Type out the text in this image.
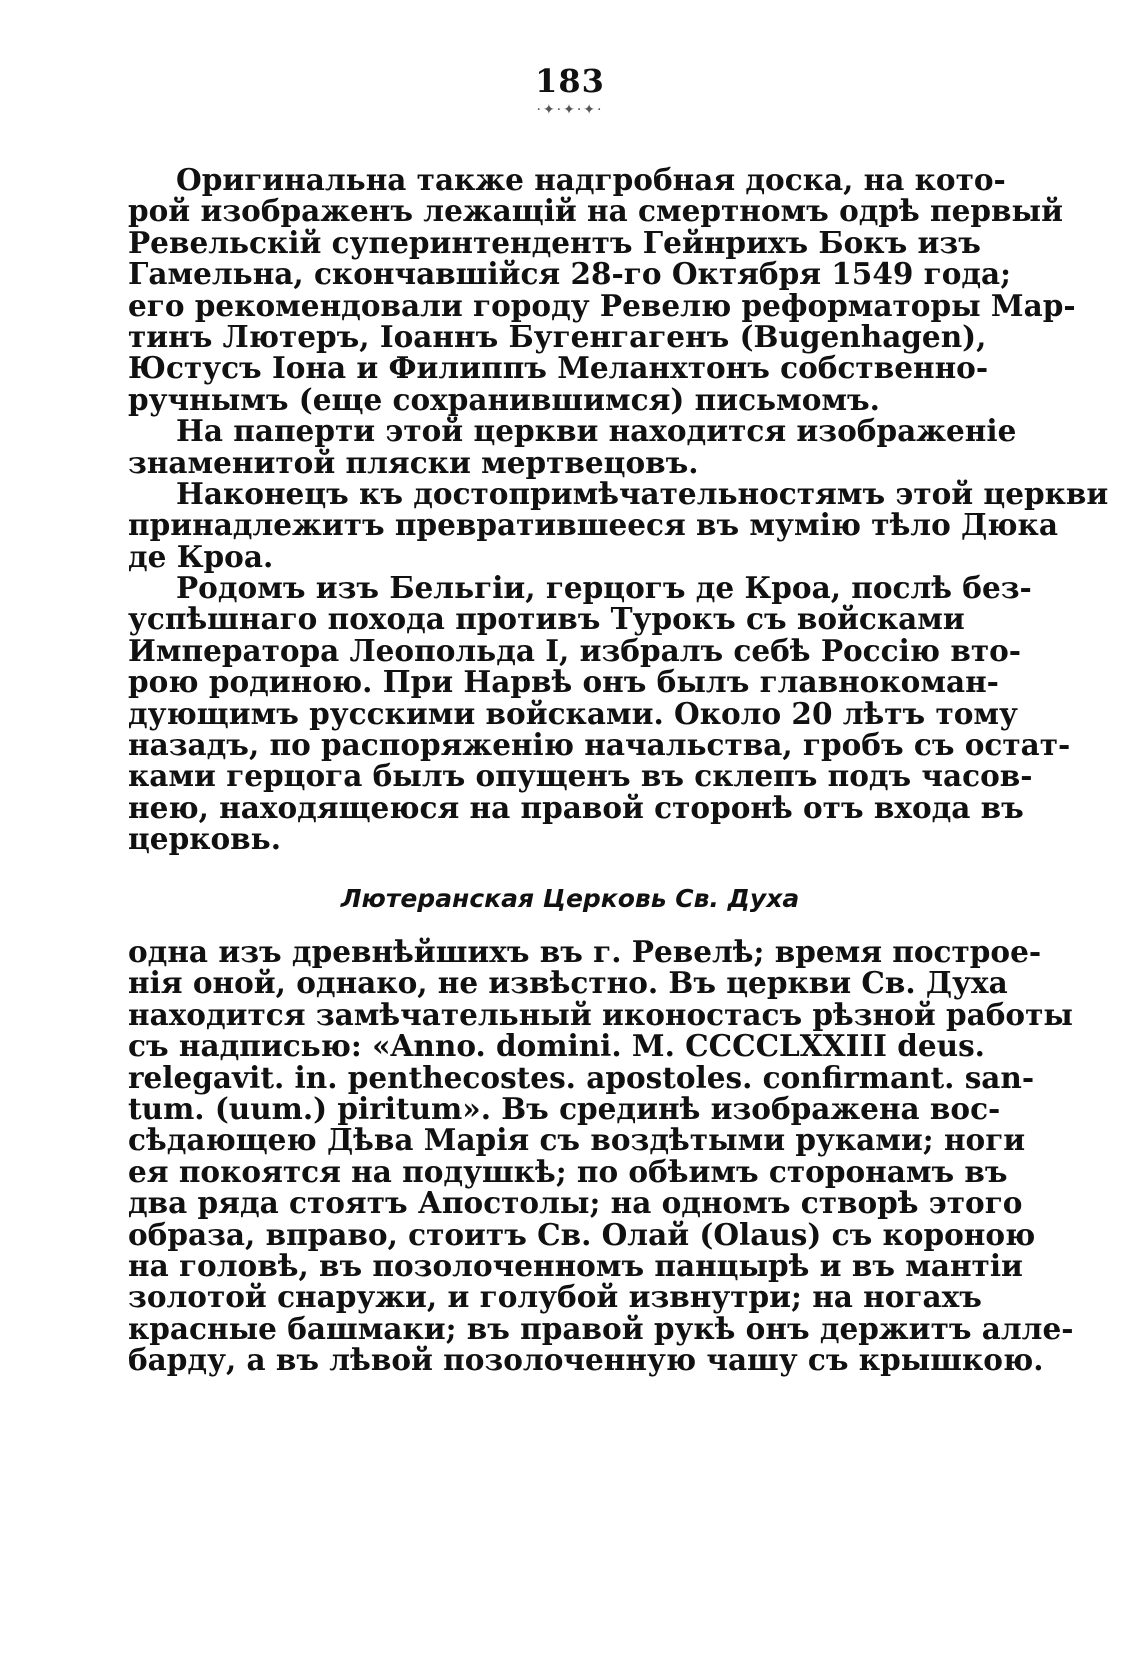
183
·✦·✦·✦·
Оригинальна также надгробная доска, на кото-
рой изображенъ лежащій на смертномъ одрѣ первый
Ревельскій суперинтендентъ Гейнрихъ Бокъ изъ
Гамельна, скончавшійся 28-го Октября 1549 года;
его рекомендовали городу Ревелю реформаторы Мар-
тинъ Лютеръ, Іоаннъ Бугенгагенъ (Bugenhagen),
Юстусъ Іона и Филиппъ Меланхтонъ собственно-
ручнымъ (еще сохранившимся) письмомъ.
На паперти этой церкви находится изображеніе
знаменитой пляски мертвецовъ.
Наконецъ къ достопримѣчательностямъ этой церкви
принадлежитъ превратившееся въ мумію тѣло Дюка
де Кроа.
Родомъ изъ Бельгіи, герцогъ де Кроа, послѣ без-
успѣшнаго похода противъ Турокъ съ войсками
Императора Леопольда I, избралъ себѣ Россію вто-
рою родиною. При Нарвѣ онъ былъ главнокоман-
дующимъ русскими войсками. Около 20 лѣтъ тому
назадъ, по распоряженію начальства, гробъ съ остат-
ками герцога былъ опущенъ въ склепъ подъ часов-
нею, находящеюся на правой сторонѣ отъ входа въ
церковь.
Лютеранская Церковь Св. Духа
одна изъ древнѣйшихъ въ г. Ревелѣ; время построе-
нія оной, однако, не извѣстно. Въ церкви Св. Духа
находится замѣчательный иконостасъ рѣзной работы
съ надписью: «Anno. domini. M. CCCCLXXIII deus.
relegavit. in. penthecostes. apostoles. confirmant. san-
tum. (uum.) piritum». Въ срединѣ изображена вос-
сѣдающею Дѣва Марія съ воздѣтыми руками; ноги
ея покоятся на подушкѣ; по обѣимъ сторонамъ въ
два ряда стоятъ Апостолы; на одномъ створѣ этого
образа, вправо, стоитъ Св. Олай (Olaus) съ короною
на головѣ, въ позолоченномъ панцырѣ и въ мантіи
золотой снаружи, и голубой извнутри; на ногахъ
красные башмаки; въ правой рукѣ онъ держитъ алле-
барду, а въ лѣвой позолоченную чашу съ крышкою.
